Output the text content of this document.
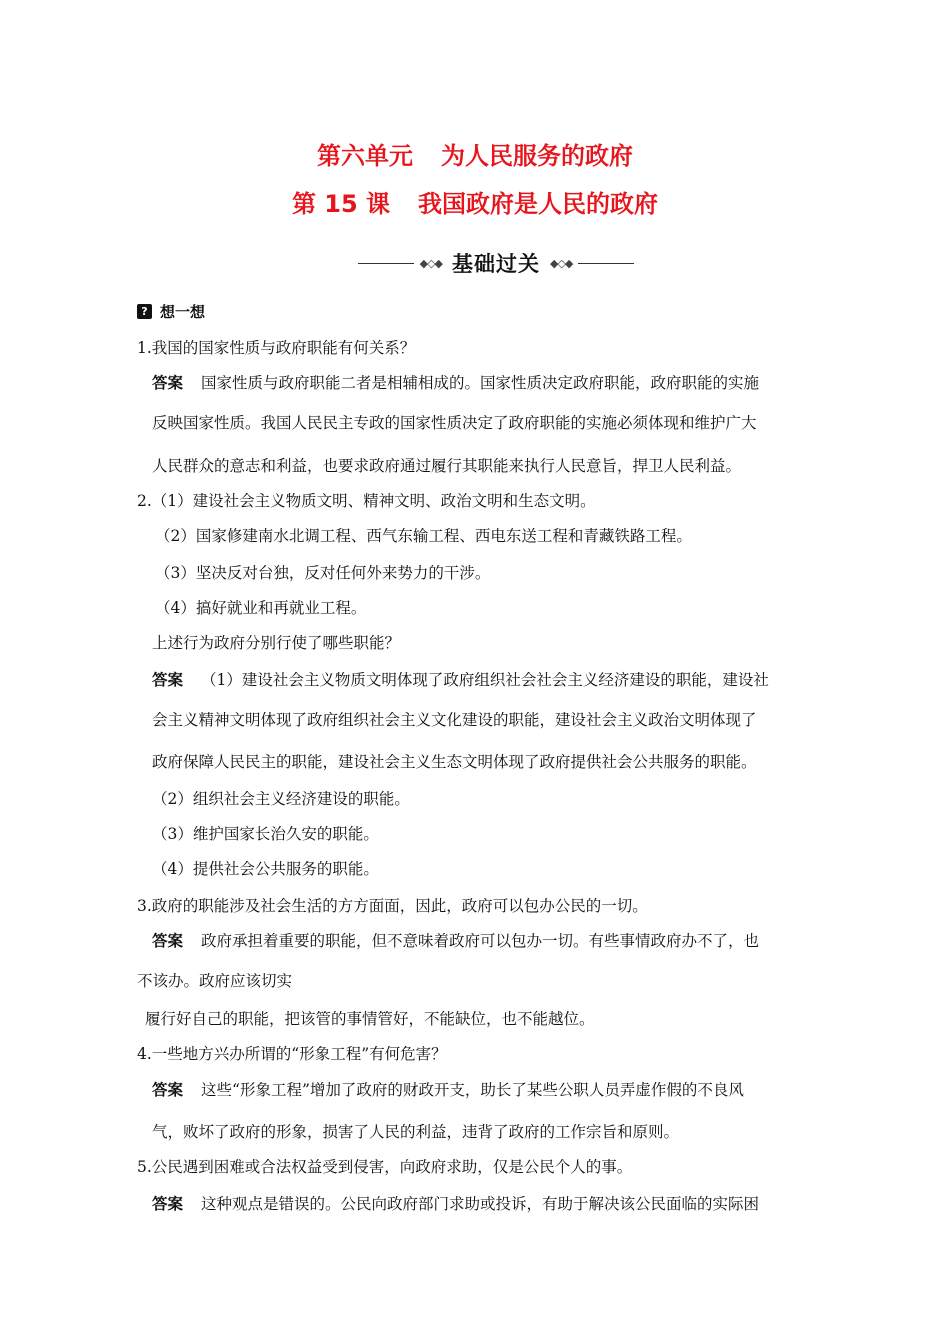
第六单元 为人民服务的政府
第 15 课 我国政府是人民的政府
◆◇◆ 基础过关 ◆◇◆
? 想一想
1.我国的国家性质与政府职能有何关系？
答案 国家性质与政府职能二者是相辅相成的。国家性质决定政府职能，政府职能的实施
反映国家性质。我国人民民主专政的国家性质决定了政府职能的实施必须体现和维护广大
人民群众的意志和利益，也要求政府通过履行其职能来执行人民意旨，捍卫人民利益。
2.（1）建设社会主义物质文明、精神文明、政治文明和生态文明。
（2）国家修建南水北调工程、西气东输工程、西电东送工程和青藏铁路工程。
（3）坚决反对台独，反对任何外来势力的干涉。
（4）搞好就业和再就业工程。
上述行为政府分别行使了哪些职能？
答案 （1）建设社会主义物质文明体现了政府组织社会社会主义经济建设的职能，建设社
会主义精神文明体现了政府组织社会主义文化建设的职能，建设社会主义政治文明体现了
政府保障人民民主的职能，建设社会主义生态文明体现了政府提供社会公共服务的职能。
（2）组织社会主义经济建设的职能。
（3）维护国家长治久安的职能。
（4）提供社会公共服务的职能。
3.政府的职能涉及社会生活的方方面面，因此，政府可以包办公民的一切。
答案 政府承担着重要的职能，但不意味着政府可以包办一切。有些事情政府办不了，也
不该办。政府应该切实
履行好自己的职能，把该管的事情管好，不能缺位，也不能越位。
4.一些地方兴办所谓的“形象工程”有何危害？
答案 这些“形象工程”增加了政府的财政开支，助长了某些公职人员弄虚作假的不良风
气，败坏了政府的形象，损害了人民的利益，违背了政府的工作宗旨和原则。
5.公民遇到困难或合法权益受到侵害，向政府求助，仅是公民个人的事。
答案 这种观点是错误的。公民向政府部门求助或投诉，有助于解决该公民面临的实际困
